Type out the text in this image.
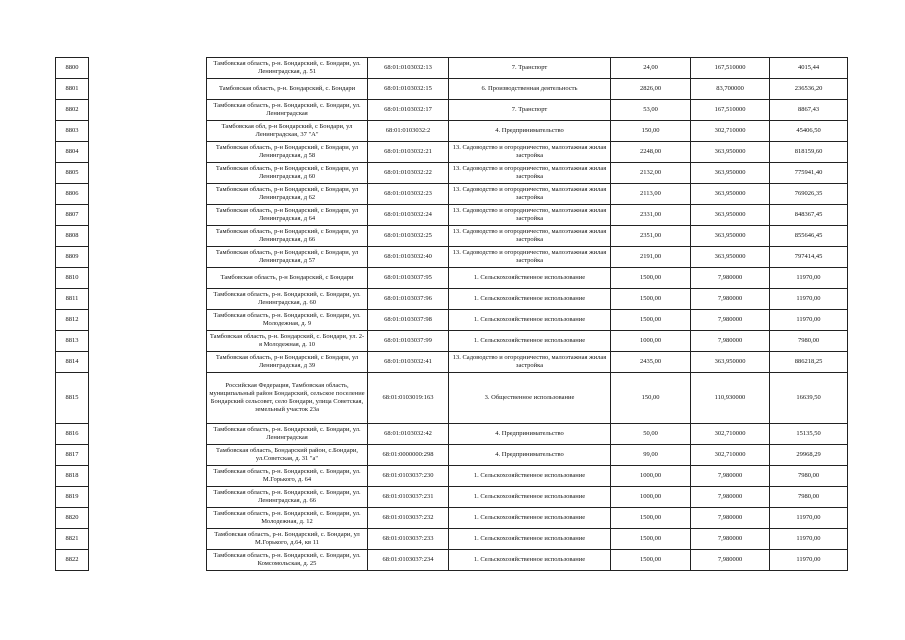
8800		Тамбовская область, р-н. Бондарский, с. Бондари, ул. Ленинградская, д. 51	68:01:0103032:13	7. Транспорт	24,00	167,510000	4015,44
8801		Тамбовская область, р-н. Бондарский, с. Бондари	68:01:0103032:15	6. Производственная деятельность	2826,00	83,700000	236536,20
8802		Тамбовская область, р-н. Бондарский, с. Бондари, ул. Ленинградская	68:01:0103032:17	7. Транспорт	53,00	167,510000	8867,43
8803		Тамбовская обл, р-н Бондарский, с Бондари, ул Ленинградская, 37 "А"	68:01:0103032:2	4. Предпринимательство	150,00	302,710000	45406,50
8804		Тамбовская область, р-н Бондарский, с Бондари, ул Ленинградская, д 58	68:01:0103032:21	13. Садоводство и огородничество, малоэтажная жилая застройка	2248,00	363,950000	818159,60
8805		Тамбовская область, р-н Бондарский, с Бондари, ул Ленинградская, д 60	68:01:0103032:22	13. Садоводство и огородничество, малоэтажная жилая застройка	2132,00	363,950000	775941,40
8806		Тамбовская область, р-н Бондарский, с Бондари, ул Ленинградская, д 62	68:01:0103032:23	13. Садоводство и огородничество, малоэтажная жилая застройка	2113,00	363,950000	769026,35
8807		Тамбовская область, р-н Бондарский, с Бондари, ул Ленинградская, д 64	68:01:0103032:24	13. Садоводство и огородничество, малоэтажная жилая застройка	2331,00	363,950000	848367,45
8808		Тамбовская область, р-н Бондарский, с Бондари, ул Ленинградская, д 66	68:01:0103032:25	13. Садоводство и огородничество, малоэтажная жилая застройка	2351,00	363,950000	855646,45
8809		Тамбовская область, р-н Бондарский, с Бондари, ул Ленинградская, д 57	68:01:0103032:40	13. Садоводство и огородничество, малоэтажная жилая застройка	2191,00	363,950000	797414,45
8810		Тамбовская область, р-н Бондарский, с Бондари	68:01:0103037:95	1. Сельскохозяйственное использование	1500,00	7,980000	11970,00
8811		Тамбовская область, р-н. Бондарский, с. Бондари, ул. Ленинградская, д. 60	68:01:0103037:96	1. Сельскохозяйственное использование	1500,00	7,980000	11970,00
8812		Тамбовская область, р-н. Бондарский, с. Бондари, ул. Молодежная, д. 9	68:01:0103037:98	1. Сельскохозяйственное использование	1500,00	7,980000	11970,00
8813		Тамбовская область, р-н. Бондарский, с. Бондари, ул. 2-я Молодежная, д. 10	68:01:0103037:99	1. Сельскохозяйственное использование	1000,00	7,980000	7980,00
8814		Тамбовская область, р-н Бондарский, с Бондари, ул Ленинградская, д 39	68:01:0103032:41	13. Садоводство и огородничество, малоэтажная жилая застройка	2435,00	363,950000	886218,25
8815		Российская Федерация, Тамбовская область, муниципальный район Бондарский, сельское поселение Бондарский сельсовет, село Бондари, улица Советская, земельный участок 23а	68:01:0103019:163	3. Общественное использование	150,00	110,930000	16639,50
8816		Тамбовская область, р-н. Бондарский, с. Бондари, ул. Ленинградская	68:01:0103032:42	4. Предпринимательство	50,00	302,710000	15135,50
8817		Тамбовская область, Бондарский район, с.Бондари, ул.Советская, д. 31 "а"	68:01:0000000:298	4. Предпринимательство	99,00	302,710000	29968,29
8818		Тамбовская область, р-н. Бондарский, с. Бондари, ул. М.Горького, д. 64	68:01:0103037:230	1. Сельскохозяйственное использование	1000,00	7,980000	7980,00
8819		Тамбовская область, р-н. Бондарский, с. Бондари, ул. Ленинградская, д. 66	68:01:0103037:231	1. Сельскохозяйственное использование	1000,00	7,980000	7980,00
8820		Тамбовская область, р-н. Бондарский, с. Бондари, ул. Молодежная, д. 12	68:01:0103037:232	1. Сельскохозяйственное использование	1500,00	7,980000	11970,00
8821		Тамбовская область, р-н. Бондарский, с. Бондари, ул М.Горького, д.64, кв 11	68:01:0103037:233	1. Сельскохозяйственное использование	1500,00	7,980000	11970,00
8822		Тамбовская область, р-н. Бондарский, с. Бондари, ул. Комсомольская, д. 25	68:01:0103037:234	1. Сельскохозяйственное использование	1500,00	7,980000	11970,00
